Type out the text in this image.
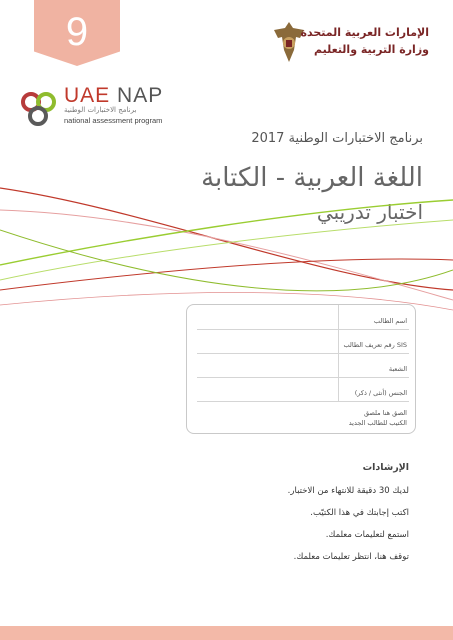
9	الإمارات العربية المتحدة
وزارة التربية والتعليم
UAE NAP
برنامج الاختبارات الوطنية
national assessment program
برنامج الاختبارات الوطنية 2017
اللغة العربية - الكتابة
اختبار تدريبي
اسم الطالب
SIS رقم تعريف الطالب
الشعبة
الجنس (أنثى / ذكر)
الصق هنا ملصق الكتيب للطالب الجديد
الإرشادات
لديك 30 دقيقة للانتهاء من الاختبار.
اكتب إجابتك في هذا الكتيّب.
استمع لتعليمات معلمك.
توقف هنا، انتظر تعليمات معلمك.
